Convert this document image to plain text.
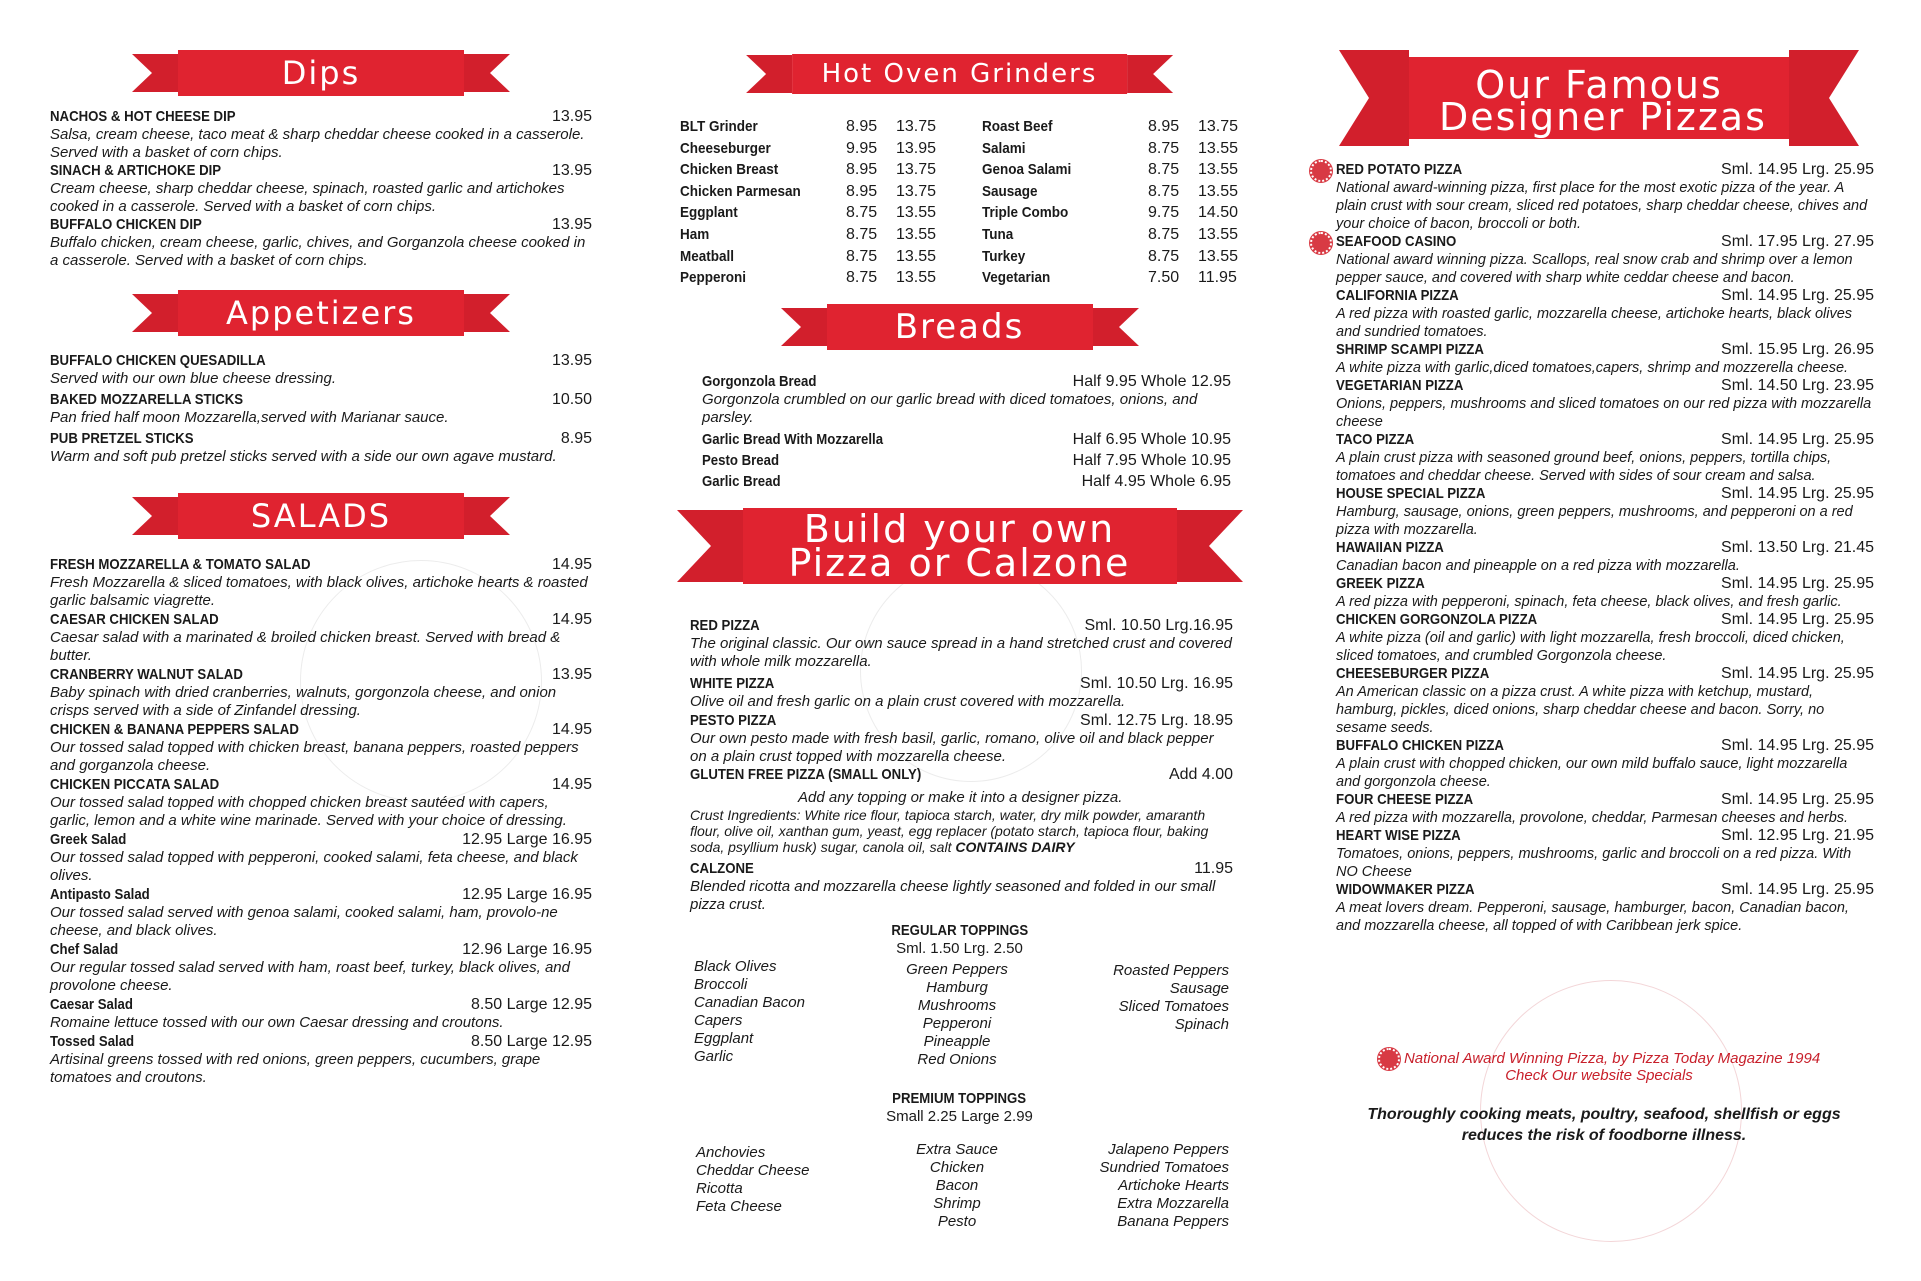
Dips
NACHOS & HOT CHEESE DIP	13.95
Salsa, cream cheese, taco meat & sharp cheddar cheese cooked in a casserole. Served with a basket of corn chips.
SINACH & ARTICHOKE DIP	13.95
Cream cheese, sharp cheddar cheese, spinach, roasted garlic and artichokes cooked in a casserole. Served with a basket of corn chips.
BUFFALO CHICKEN DIP	13.95
Buffalo chicken, cream cheese, garlic, chives, and Gorganzola cheese cooked in a casserole. Served with a basket of corn chips.
Appetizers
BUFFALO CHICKEN QUESADILLA	13.95
Served with our own blue cheese dressing.
BAKED MOZZARELLA STICKS	10.50
Pan fried half moon Mozzarella,served with Marianar sauce.
PUB PRETZEL STICKS	8.95
Warm and soft pub pretzel sticks served with a side our own agave mustard.
SALADS
FRESH MOZZARELLA & TOMATO SALAD	14.95
Fresh Mozzarella & sliced tomatoes, with black olives, artichoke hearts & roasted garlic balsamic viagrette.
CAESAR CHICKEN SALAD	14.95
Caesar salad with a marinated & broiled chicken breast. Served with bread & butter.
CRANBERRY WALNUT SALAD	13.95
Baby spinach with dried cranberries, walnuts, gorgonzola cheese, and onion crisps served with a side of Zinfandel dressing.
CHICKEN & BANANA PEPPERS SALAD	14.95
Our tossed salad topped with chicken breast, banana peppers, roasted peppers and gorganzola cheese.
CHICKEN PICCATA SALAD	14.95
Our tossed salad topped with chopped chicken breast sautéed with capers, garlic, lemon and a white wine marinade. Served with your choice of dressing.
Greek Salad	12.95 Large 16.95
Our tossed salad topped with pepperoni, cooked salami, feta cheese, and black olives.
Antipasto Salad	12.95 Large 16.95
Our tossed salad served with genoa salami, cooked salami, ham, provolo-ne cheese, and black olives.
Chef Salad	12.96 Large 16.95
Our regular tossed salad served with ham, roast beef, turkey, black olives, and provolone cheese.
Caesar Salad	8.50 Large 12.95
Romaine lettuce tossed with our own Caesar dressing and croutons.
Tossed Salad	8.50 Large 12.95
Artisinal greens tossed with red onions, green peppers, cucumbers, grape tomatoes and croutons.
Hot Oven Grinders
BLT Grinder	8.95 13.75
Cheeseburger	9.95 13.95
Chicken Breast	8.95 13.75
Chicken Parmesan	8.95 13.75
Eggplant	8.75 13.55
Ham	8.75 13.55
Meatball	8.75 13.55
Pepperoni	8.75 13.55
Roast Beef	8.95 13.75
Salami	8.75 13.55
Genoa Salami	8.75 13.55
Sausage	8.75 13.55
Triple Combo	9.75 14.50
Tuna	8.75 13.55
Turkey	8.75 13.55
Vegetarian	7.50 11.95
Breads
Gorgonzola Bread	Half 9.95 Whole 12.95
Gorgonzola crumbled on our garlic bread with diced tomatoes, onions, and parsley.
Garlic Bread With Mozzarella	Half 6.95 Whole 10.95
Pesto Bread	Half 7.95 Whole 10.95
Garlic Bread	Half 4.95 Whole 6.95
Build your own
Pizza or Calzone
RED PIZZA	Sml. 10.50 Lrg.16.95
The original classic. Our own sauce spread in a hand stretched crust and covered with whole milk mozzarella.
WHITE PIZZA	Sml. 10.50 Lrg. 16.95
Olive oil and fresh garlic on a plain crust covered with mozzarella.
PESTO PIZZA	Sml. 12.75 Lrg. 18.95
Our own pesto made with fresh basil, garlic, romano, olive oil and black pepper on a plain crust topped with mozzarella cheese.
GLUTEN FREE PIZZA (SMALL ONLY)	Add 4.00
Add any topping or make it into a designer pizza.
Crust Ingredients: White rice flour, tapioca starch, water, dry milk powder, amaranth flour, olive oil, xanthan gum, yeast, egg replacer (potato starch, tapioca flour, baking soda, psyllium husk) sugar, canola oil, salt CONTAINS DAIRY
CALZONE	11.95
Blended ricotta and mozzarella cheese lightly seasoned and folded in our small pizza crust.
REGULAR TOPPINGS
Sml. 1.50 Lrg. 2.50
Black Olives
Broccoli
Canadian Bacon
Capers
Eggplant
Garlic
Green Peppers
Hamburg
Mushrooms
Pepperoni
Pineapple
Red Onions
Roasted Peppers
Sausage
Sliced Tomatoes
Spinach
PREMIUM TOPPINGS
Small 2.25 Large 2.99
Anchovies
Cheddar Cheese
Ricotta
Feta Cheese
Extra Sauce
Chicken
Bacon
Shrimp
Pesto
Jalapeno Peppers
Sundried Tomatoes
Artichoke Hearts
Extra Mozzarella
Banana Peppers
Our Famous
Designer Pizzas
RED POTATO PIZZA	Sml. 14.95 Lrg. 25.95
National award-winning pizza, first place for the most exotic pizza of the year. A plain crust with sour cream, sliced red potatoes, sharp cheddar cheese, chives and your choice of bacon, broccoli or both.
SEAFOOD CASINO	Sml. 17.95 Lrg. 27.95
National award winning pizza. Scallops, real snow crab and shrimp over a lemon pepper sauce, and covered with sharp white ceddar cheese and bacon.
CALIFORNIA PIZZA	Sml. 14.95 Lrg. 25.95
A red pizza with roasted garlic, mozzarella cheese, artichoke hearts, black olives and sundried tomatoes.
SHRIMP SCAMPI PIZZA	Sml. 15.95 Lrg. 26.95
A white pizza with garlic,diced tomatoes,capers, shrimp and mozzerella cheese.
VEGETARIAN PIZZA	Sml. 14.50 Lrg. 23.95
Onions, peppers, mushrooms and sliced tomatoes on our red pizza with mozzarella cheese
TACO PIZZA	Sml. 14.95 Lrg. 25.95
A plain crust pizza with seasoned ground beef, onions, peppers, tortilla chips, tomatoes and cheddar cheese. Served with sides of sour cream and salsa.
HOUSE SPECIAL PIZZA	Sml. 14.95 Lrg. 25.95
Hamburg, sausage, onions, green peppers, mushrooms, and pepperoni on a red pizza with mozzarella.
HAWAIIAN PIZZA	Sml. 13.50 Lrg. 21.45
Canadian bacon and pineapple on a red pizza with mozzarella.
GREEK PIZZA	Sml. 14.95 Lrg. 25.95
A red pizza with pepperoni, spinach, feta cheese, black olives, and fresh garlic.
CHICKEN GORGONZOLA PIZZA	Sml. 14.95 Lrg. 25.95
A white pizza (oil and garlic) with light mozzarella, fresh broccoli, diced chicken, sliced tomatoes, and crumbled Gorgonzola cheese.
CHEESEBURGER PIZZA	Sml. 14.95 Lrg. 25.95
An American classic on a pizza crust. A white pizza with ketchup, mustard, hamburg, pickles, diced onions, sharp cheddar cheese and bacon. Sorry, no sesame seeds.
BUFFALO CHICKEN PIZZA	Sml. 14.95 Lrg. 25.95
A plain crust with chopped chicken, our own mild buffalo sauce, light mozzarella and gorgonzola cheese.
FOUR CHEESE PIZZA	Sml. 14.95 Lrg. 25.95
A red pizza with mozzarella, provolone, cheddar, Parmesan cheeses and herbs.
HEART WISE PIZZA	Sml. 12.95 Lrg. 21.95
Tomatoes, onions, peppers, mushrooms, garlic and broccoli on a red pizza. With NO Cheese
WIDOWMAKER PIZZA	Sml. 14.95 Lrg. 25.95
A meat lovers dream. Pepperoni, sausage, hamburger, bacon, Canadian bacon, and mozzarella cheese, all topped of with Caribbean jerk spice.
National Award Winning Pizza, by Pizza Today Magazine 1994
Check Our website Specials
Thoroughly cooking meats, poultry, seafood, shellfish or eggs reduces the risk of foodborne illness.
